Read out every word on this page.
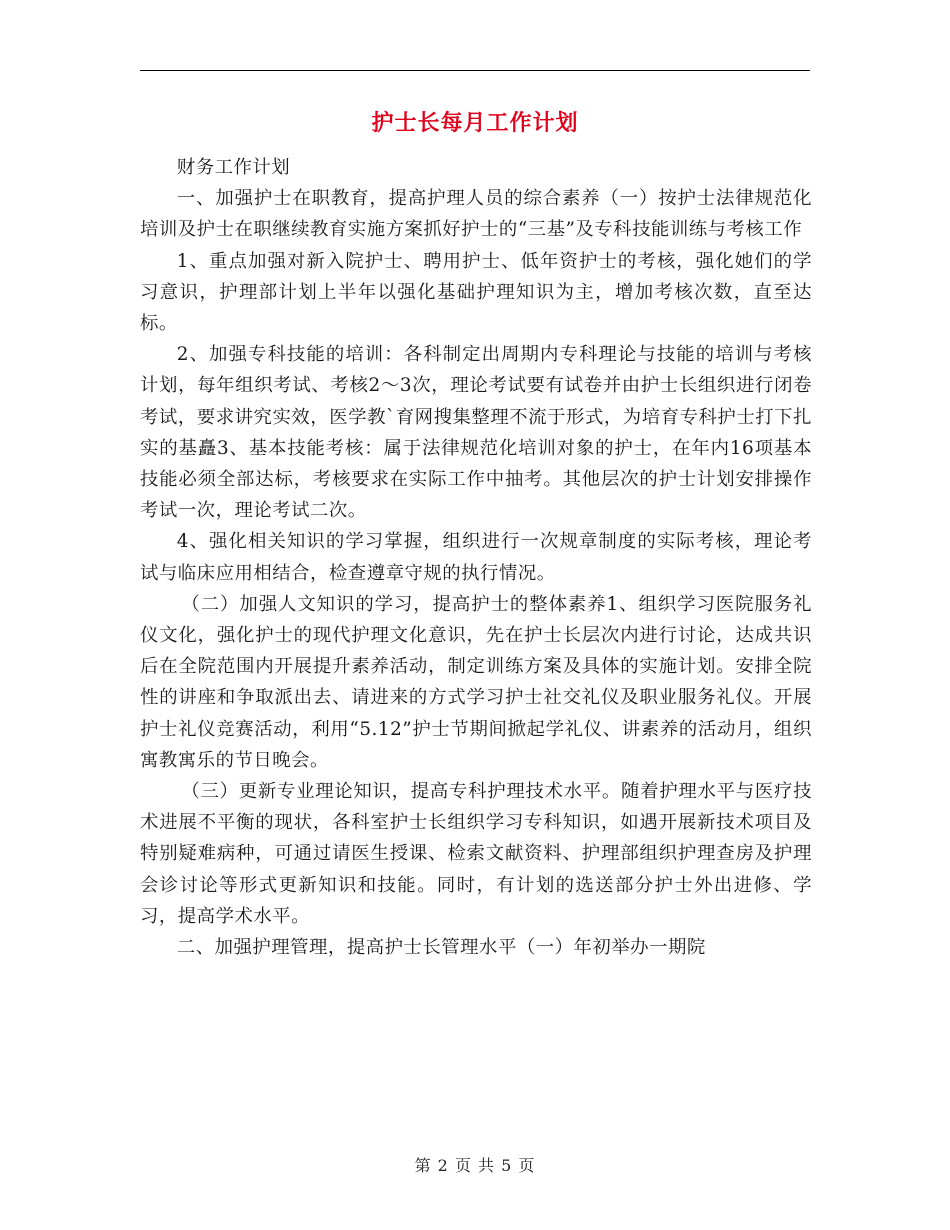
护士长每月工作计划

财务工作计划

一、加强护士在职教育，提高护理人员的综合素养（一）按护士法律规范化培训及护士在职继续教育实施方案抓好护士的“三基”及专科技能训练与考核工作

1、重点加强对新入院护士、聘用护士、低年资护士的考核，强化她们的学习意识，护理部计划上半年以强化基础护理知识为主，增加考核次数，直至达标。

2、加强专科技能的培训：各科制定出周期内专科理论与技能的培训与考核计划，每年组织考试、考核2～3次，理论考试要有试卷并由护士长组织进行闭卷考试，要求讲究实效，医学教`育网搜集整理不流于形式，为培育专科护士打下扎实的基矗3、基本技能考核：属于法律规范化培训对象的护士，在年内16项基本技能必须全部达标，考核要求在实际工作中抽考。其他层次的护士计划安排操作考试一次，理论考试二次。

4、强化相关知识的学习掌握，组织进行一次规章制度的实际考核，理论考试与临床应用相结合，检查遵章守规的执行情况。

（二）加强人文知识的学习，提高护士的整体素养1、组织学习医院服务礼仪文化，强化护士的现代护理文化意识，先在护士长层次内进行讨论，达成共识后在全院范围内开展提升素养活动，制定训练方案及具体的实施计划。安排全院性的讲座和争取派出去、请进来的方式学习护士社交礼仪及职业服务礼仪。开展护士礼仪竞赛活动，利用“5.12”护士节期间掀起学礼仪、讲素养的活动月，组织寓教寓乐的节日晚会。

（三）更新专业理论知识，提高专科护理技术水平。随着护理水平与医疗技术进展不平衡的现状，各科室护士长组织学习专科知识，如遇开展新技术项目及特别疑难病种，可通过请医生授课、检索文献资料、护理部组织护理查房及护理会诊讨论等形式更新知识和技能。同时，有计划的选送部分护士外出进修、学习，提高学术水平。

二、加强护理管理，提高护士长管理水平（一）年初举办一期院

第 2 页 共 5 页
